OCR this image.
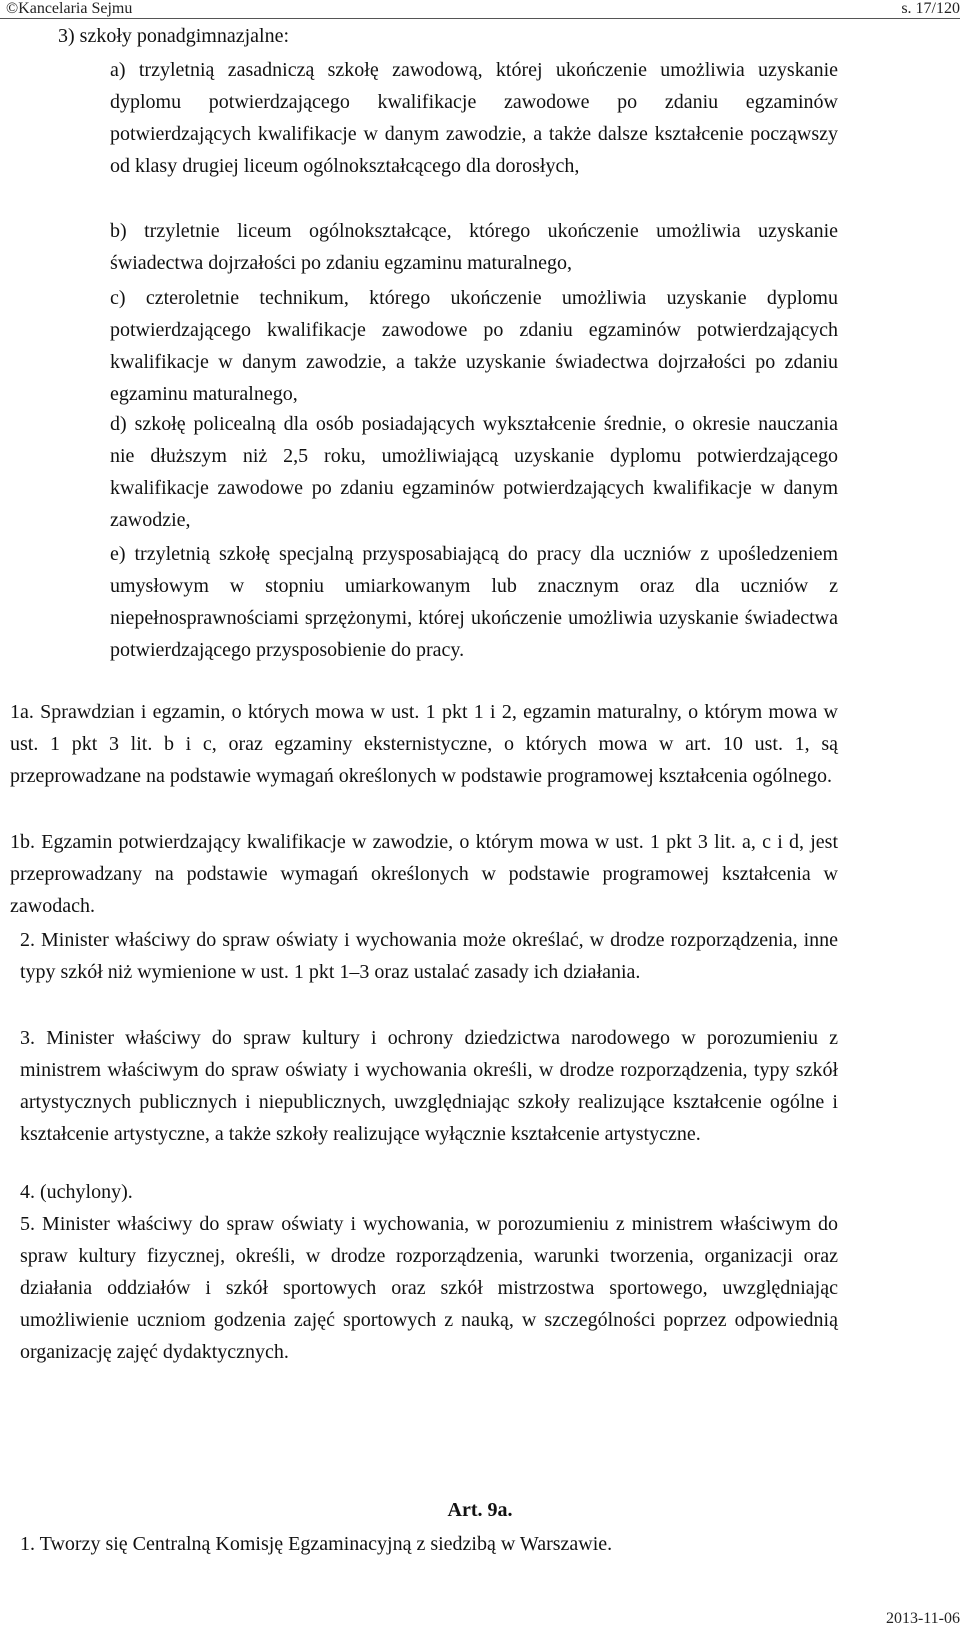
©Kancelaria Sejmu	s. 17/120
3) szkoły ponadgimnazjalne:

a) trzyletnią zasadniczą szkołę zawodową, której ukończenie umożliwia uzyskanie dyplomu potwierdzającego kwalifikacje zawodowe po zdaniu egzaminów potwierdzających kwalifikacje w danym zawodzie, a także dalsze kształcenie począwszy od klasy drugiej liceum ogólnokształcącego dla dorosłych,

b) trzyletnie liceum ogólnokształcące, którego ukończenie umożliwia uzyskanie świadectwa dojrzałości po zdaniu egzaminu maturalnego,

c) czteroletnie technikum, którego ukończenie umożliwia uzyskanie dyplomu potwierdzającego kwalifikacje zawodowe po zdaniu egzaminów potwierdzających kwalifikacje w danym zawodzie, a także uzyskanie świadectwa dojrzałości po zdaniu egzaminu maturalnego,

d) szkołę policealną dla osób posiadających wykształcenie średnie, o okresie nauczania nie dłuższym niż 2,5 roku, umożliwiającą uzyskanie dyplomu potwierdzającego kwalifikacje zawodowe po zdaniu egzaminów potwierdzających kwalifikacje w danym zawodzie,

e) trzyletnią szkołę specjalną przysposabiającą do pracy dla uczniów z upośledzeniem umysłowym w stopniu umiarkowanym lub znacznym oraz dla uczniów z niepełnosprawnościami sprzężonymi, której ukończenie umożliwia uzyskanie świadectwa potwierdzającego przysposobienie do pracy.

1a. Sprawdzian i egzamin, o których mowa w ust. 1 pkt 1 i 2, egzamin maturalny, o którym mowa w ust. 1 pkt 3 lit. b i c, oraz egzaminy eksternistyczne, o których mowa w art. 10 ust. 1, są przeprowadzane na podstawie wymagań określonych w podstawie programowej kształcenia ogólnego.

1b. Egzamin potwierdzający kwalifikacje w zawodzie, o którym mowa w ust. 1 pkt 3 lit. a, c i d, jest przeprowadzany na podstawie wymagań określonych w podstawie programowej kształcenia w zawodach.

2. Minister właściwy do spraw oświaty i wychowania może określać, w drodze rozporządzenia, inne typy szkół niż wymienione w ust. 1 pkt 1–3 oraz ustalać zasady ich działania.

3. Minister właściwy do spraw kultury i ochrony dziedzictwa narodowego w porozumieniu z ministrem właściwym do spraw oświaty i wychowania określi, w drodze rozporządzenia, typy szkół artystycznych publicznych i niepublicznych, uwzględniając szkoły realizujące kształcenie ogólne i kształcenie artystyczne, a także szkoły realizujące wyłącznie kształcenie artystyczne.

4. (uchylony).

5. Minister właściwy do spraw oświaty i wychowania, w porozumieniu z ministrem właściwym do spraw kultury fizycznej, określi, w drodze rozporządzenia, warunki tworzenia, organizacji oraz działania oddziałów i szkół sportowych oraz szkół mistrzostwa sportowego, uwzględniając umożliwienie uczniom godzenia zajęć sportowych z nauką, w szczególności poprzez odpowiednią organizację zajęć dydaktycznych.

Art. 9a.

1. Tworzy się Centralną Komisję Egzaminacyjną z siedzibą w Warszawie.

2013-11-06
